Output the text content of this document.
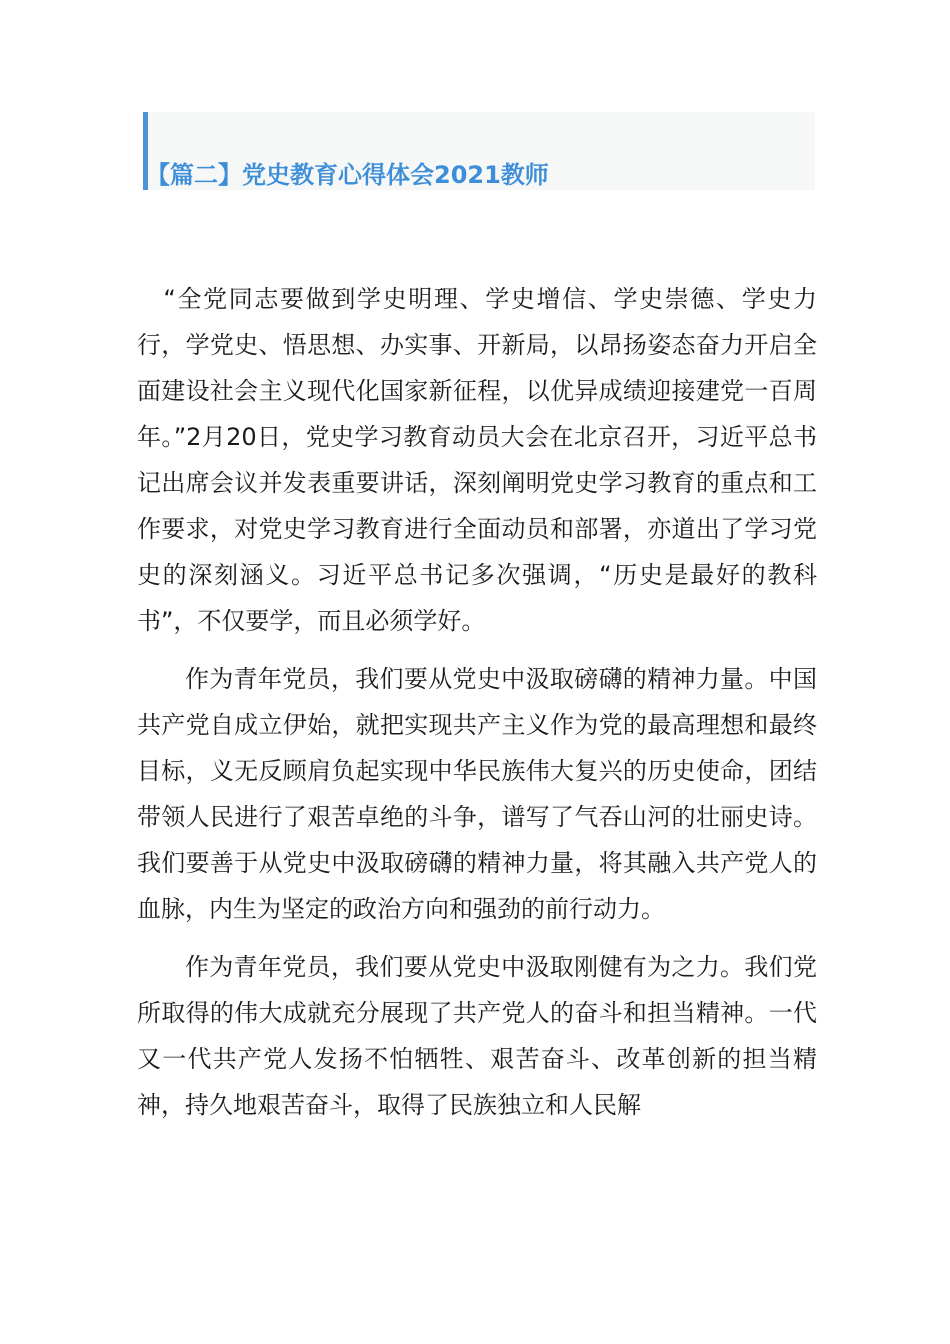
【篇二】党史教育心得体会2021教师

“全党同志要做到学史明理、学史增信、学史崇德、学史力行，学党史、悟思想、办实事、开新局，以昂扬姿态奋力开启全面建设社会主义现代化国家新征程，以优异成绩迎接建党一百周年。”2月20日，党史学习教育动员大会在北京召开，习近平总书记出席会议并发表重要讲话，深刻阐明党史学习教育的重点和工作要求，对党史学习教育进行全面动员和部署，亦道出了学习党史的深刻涵义。习近平总书记多次强调，“历史是最好的教科书”，不仅要学，而且必须学好。

作为青年党员，我们要从党史中汲取磅礴的精神力量。中国共产党自成立伊始，就把实现共产主义作为党的最高理想和最终目标，义无反顾肩负起实现中华民族伟大复兴的历史使命，团结带领人民进行了艰苦卓绝的斗争，谱写了气吞山河的壮丽史诗。我们要善于从党史中汲取磅礴的精神力量，将其融入共产党人的血脉，内生为坚定的政治方向和强劲的前行动力。

作为青年党员，我们要从党史中汲取刚健有为之力。我们党所取得的伟大成就充分展现了共产党人的奋斗和担当精神。一代又一代共产党人发扬不怕牺牲、艰苦奋斗、改革创新的担当精神，持久地艰苦奋斗，取得了民族独立和人民解
